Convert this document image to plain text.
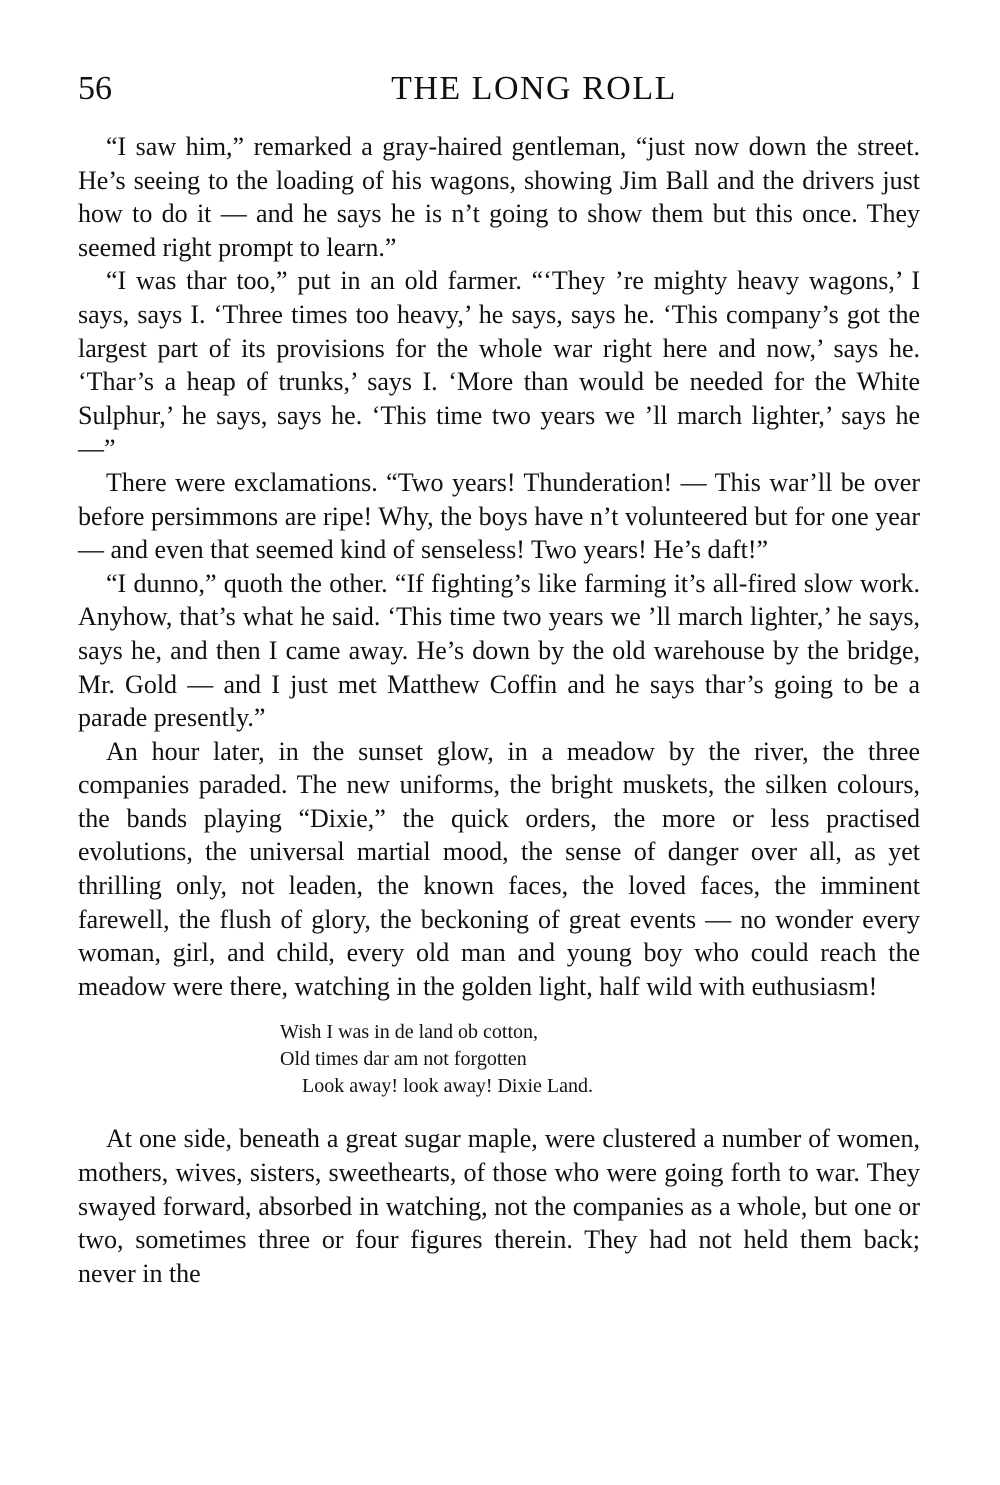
56	THE LONG ROLL

“I saw him,” remarked a gray-haired gentleman, “just now down the street. He’s seeing to the loading of his wagons, showing Jim Ball and the drivers just how to do it — and he says he is n’t going to show them but this once. They seemed right prompt to learn.”

“I was thar too,” put in an old farmer. “‘They ’re mighty heavy wagons,’ I says, says I. ‘Three times too heavy,’ he says, says he. ‘This company’s got the largest part of its provisions for the whole war right here and now,’ says he. ‘Thar’s a heap of trunks,’ says I. ‘More than would be needed for the White Sulphur,’ he says, says he. ‘This time two years we ’ll march lighter,’ says he —”

There were exclamations. “Two years! Thunderation! — This war’ll be over before persimmons are ripe! Why, the boys have n’t volunteered but for one year — and even that seemed kind of senseless! Two years! He’s daft!”

“I dunno,” quoth the other. “If fighting’s like farming it’s all-fired slow work. Anyhow, that’s what he said. ‘This time two years we ’ll march lighter,’ he says, says he, and then I came away. He’s down by the old warehouse by the bridge, Mr. Gold — and I just met Matthew Coffin and he says thar’s going to be a parade presently.”

An hour later, in the sunset glow, in a meadow by the river, the three companies paraded. The new uniforms, the bright muskets, the silken colours, the bands playing “Dixie,” the quick orders, the more or less practised evolutions, the universal martial mood, the sense of danger over all, as yet thrilling only, not leaden, the known faces, the loved faces, the imminent farewell, the flush of glory, the beckoning of great events — no wonder every woman, girl, and child, every old man and young boy who could reach the meadow were there, watching in the golden light, half wild with euthusiasm!

Wish I was in de land ob cotton,
Old times dar am not forgotten
Look away! look away! Dixie Land.

At one side, beneath a great sugar maple, were clustered a number of women, mothers, wives, sisters, sweethearts, of those who were going forth to war. They swayed forward, absorbed in watching, not the companies as a whole, but one or two, sometimes three or four figures therein. They had not held them back; never in the
